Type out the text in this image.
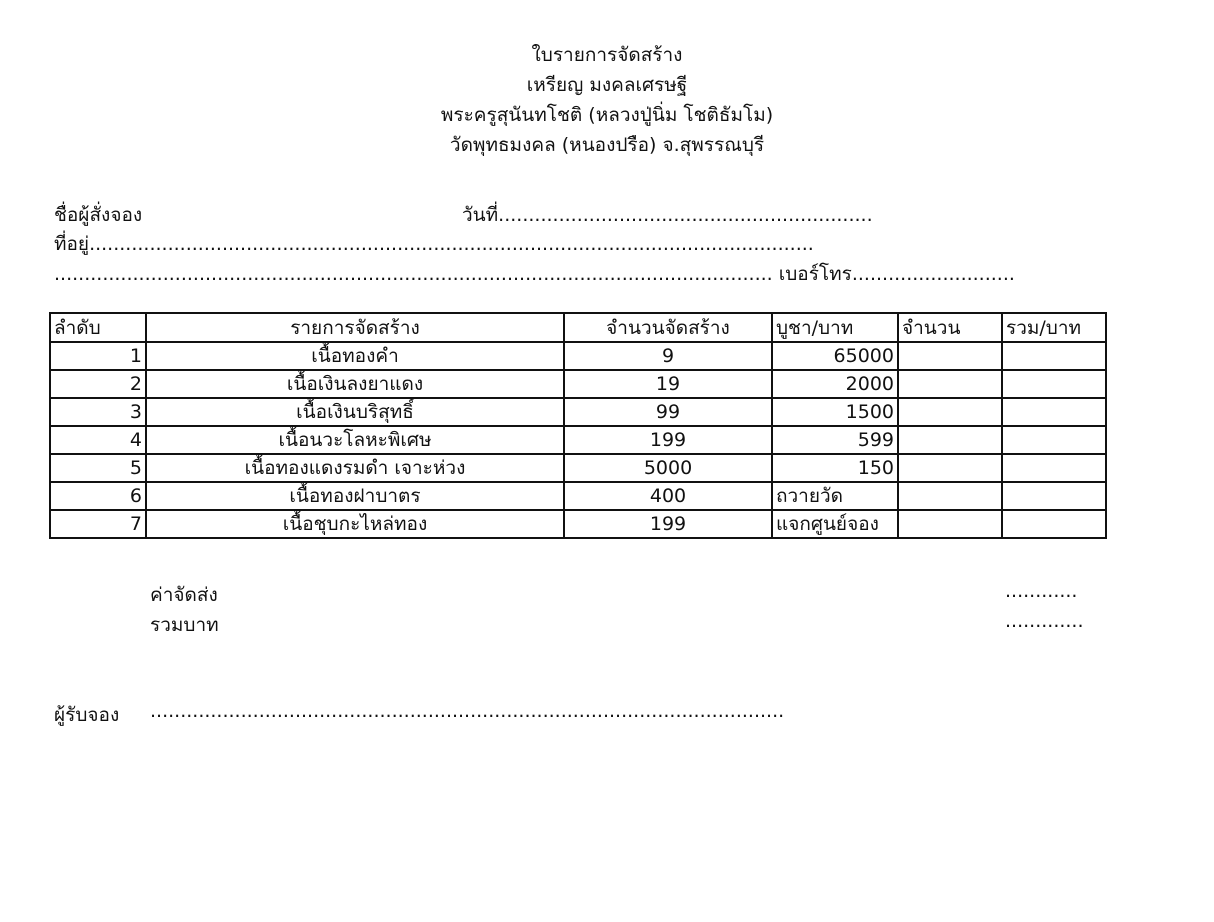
ใบรายการจัดสร้าง
เหรียญ มงคลเศรษฐี
พระครูสุนันทโชติ (หลวงปู่นิ่ม โชติธัมโม)
วัดพุทธมงคล (หนองปรือ) จ.สุพรรณบุรี
ชื่อผู้สั่งจอง	วันที่..............................................................
ที่อยู่........................................................................................................................
....................................................................................................................... เบอร์โทร...........................
ลำดับ	รายการจัดสร้าง	จำนวนจัดสร้าง	บูชา/บาท	จำนวน	รวม/บาท
1	เนื้อทองคำ	9	65000		
2	เนื้อเงินลงยาแดง	19	2000		
3	เนื้อเงินบริสุทธิ์	99	1500		
4	เนื้อนวะโลหะพิเศษ	199	599		
5	เนื้อทองแดงรมดำ เจาะห่วง	5000	150		
6	เนื้อทองฝาบาตร	400	ถวายวัด		
7	เนื้อชุบกะไหล่ทอง	199	แจกศูนย์จอง		
ค่าจัดส่ง	............
รวมบาท	.............
ผู้รับจอง .........................................................................................................
